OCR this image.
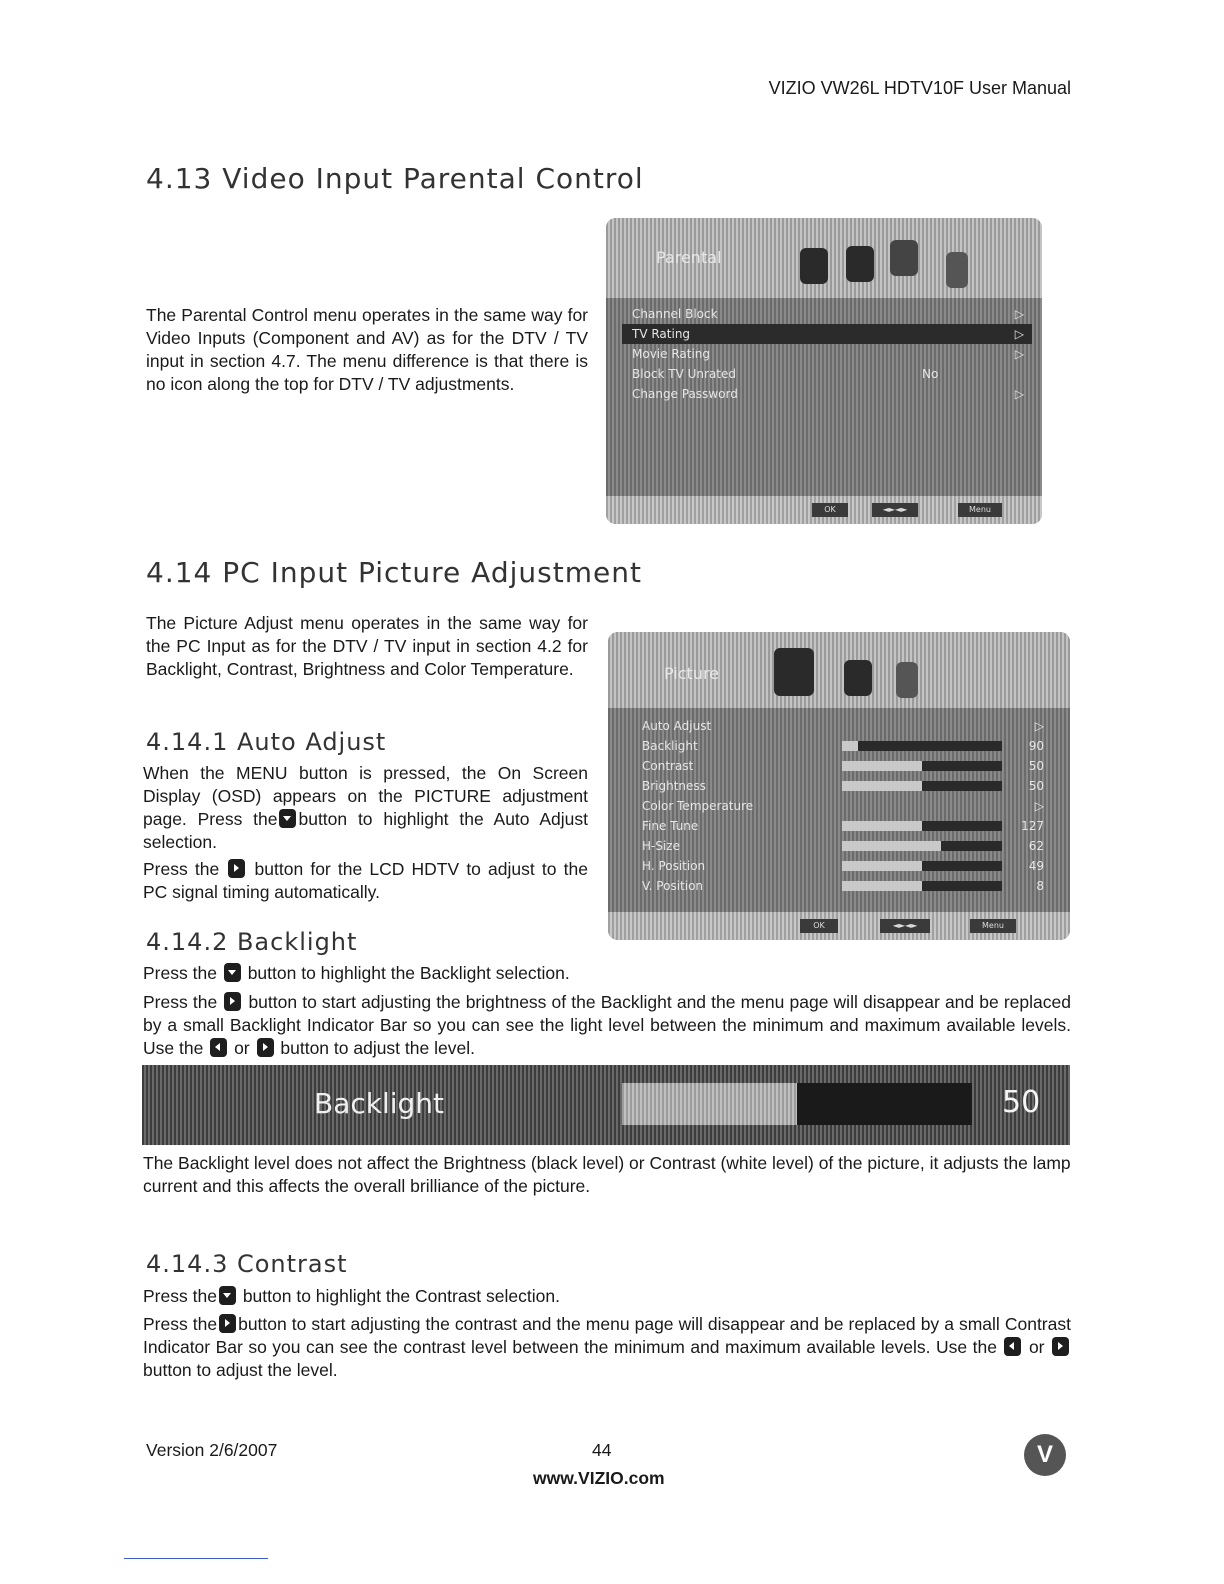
VIZIO VW26L HDTV10F User Manual
4.13 Video Input Parental Control

The Parental Control menu operates in the same way for Video Inputs (Component and AV) as for the DTV / TV input in section 4.7. The menu difference is that there is no icon along the top for DTV / TV adjustments.

Parental
Channel Block	▷
TV Rating	▷
Movie Rating	▷
Block TV Unrated	No
Change Password	▷
OK	◄►◄►	Menu
4.14 PC Input Picture Adjustment

The Picture Adjust menu operates in the same way for the PC Input as for the DTV / TV input in section 4.2 for Backlight, Contrast, Brightness and Color Temperature.	Picture
Auto Adjust	▷
Backlight	90
Contrast	50
Brightness	50
Color Temperature	▷
Fine Tune	127
H-Size	62
H. Position	49
V. Position	8
OK	◄►◄►	Menu
4.14.1 Auto Adjust

When the MENU button is pressed, the On Screen Display (OSD) appears on the PICTURE adjustment page. Press the button to highlight the Auto Adjust selection.

Press the button for the LCD HDTV to adjust to the PC signal timing automatically.

4.14.2 Backlight

Press the button to highlight the Backlight selection.

Press the button to start adjusting the brightness of the Backlight and the menu page will disappear and be replaced by a small Backlight Indicator Bar so you can see the light level between the minimum and maximum available levels. Use the or button to adjust the level.

Backlight	50

The Backlight level does not affect the Brightness (black level) or Contrast (white level) of the picture, it adjusts the lamp current and this affects the overall brilliance of the picture.

4.14.3 Contrast

Press the button to highlight the Contrast selection.

Press the button to start adjusting the contrast and the menu page will disappear and be replaced by a small Contrast Indicator Bar so you can see the contrast level between the minimum and maximum available levels. Use the or  button to adjust the level.

Version 2/6/2007	44
www.VIZIO.com
V
